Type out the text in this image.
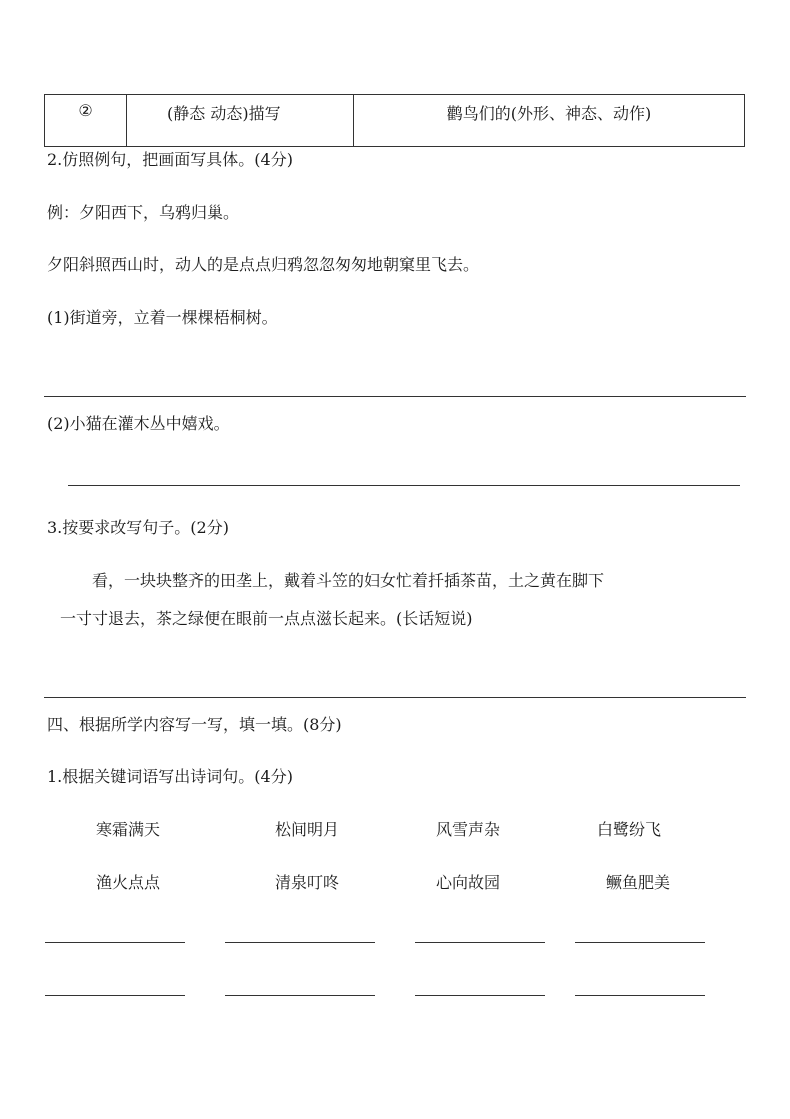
②	(静态 动态)描写	鹳鸟们的(外形、神态、动作)
2.仿照例句，把画面写具体。(4分)
例：夕阳西下，乌鸦归巢。
夕阳斜照西山时，动人的是点点归鸦忽忽匆匆地朝窠里飞去。
(1)街道旁，立着一棵棵梧桐树。
(2)小猫在灌木丛中嬉戏。
3.按要求改写句子。(2分)
看，一块块整齐的田垄上，戴着斗笠的妇女忙着扦插茶苗，土之黄在脚下
一寸寸退去，茶之绿便在眼前一点点滋长起来。(长话短说)
四、根据所学内容写一写，填一填。(8分)
1.根据关键词语写出诗词句。(4分)
寒霜满天	松间明月	风雪声杂	白鹭纷飞
渔火点点	清泉叮咚	心向故园	鳜鱼肥美
